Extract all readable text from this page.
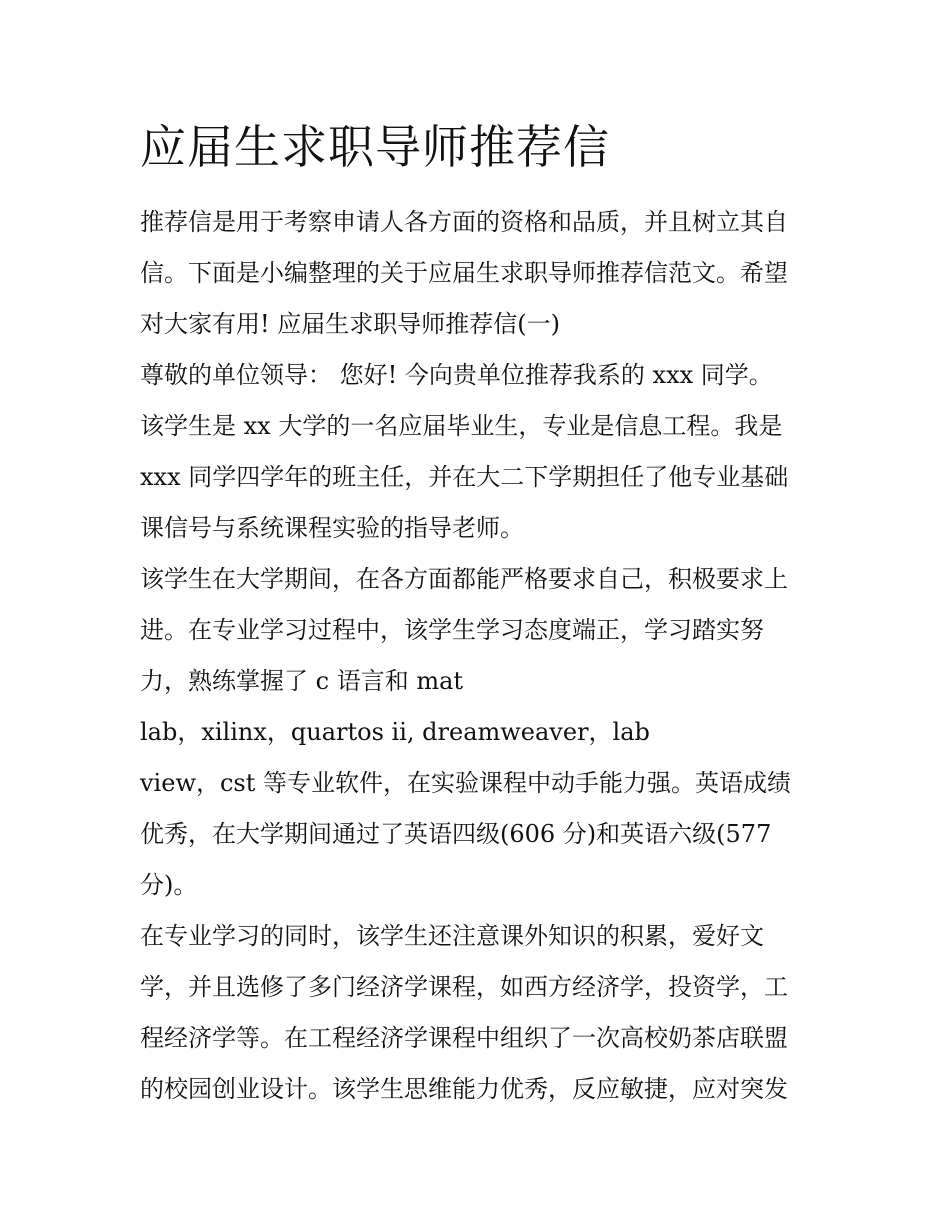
应届生求职导师推荐信

推荐信是用于考察申请人各方面的资格和品质，并且树立其自

信。下面是小编整理的关于应届生求职导师推荐信范文。希望

对大家有用! 应届生求职导师推荐信(一)

尊敬的单位领导： 您好! 今向贵单位推荐我系的 xxx 同学。

该学生是 xx 大学的一名应届毕业生，专业是信息工程。我是

xxx 同学四学年的班主任，并在大二下学期担任了他专业基础

课信号与系统课程实验的指导老师。

该学生在大学期间，在各方面都能严格要求自己，积极要求上

进。在专业学习过程中，该学生学习态度端正，学习踏实努

力，熟练掌握了 c 语言和 mat

lab，xilinx，quartos ii, dreamweaver，lab

view，cst 等专业软件，在实验课程中动手能力强。英语成绩

优秀，在大学期间通过了英语四级(606 分)和英语六级(577

分)。

在专业学习的同时，该学生还注意课外知识的积累，爱好文

学，并且选修了多门经济学课程，如西方经济学，投资学，工

程经济学等。在工程经济学课程中组织了一次高校奶茶店联盟

的校园创业设计。该学生思维能力优秀，反应敏捷，应对突发
